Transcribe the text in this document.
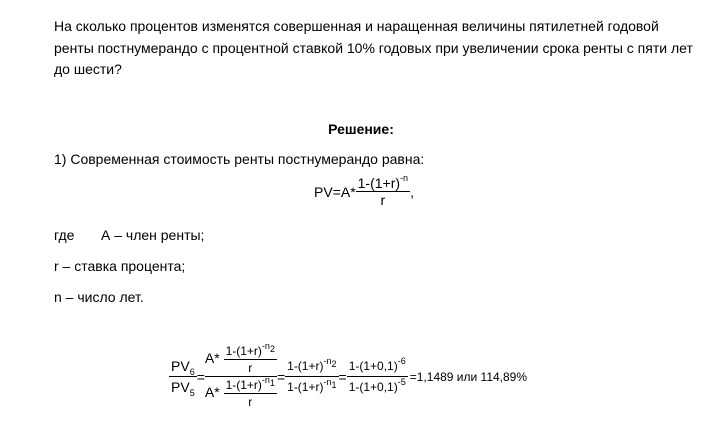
На сколько процентов изменятся совершенная и наращенная величины пятилетней годовой ренты постнумерандо с процентной ставкой 10% годовых при увеличении срока ренты с пяти лет до шести?
Решение:
1) Современная стоимость ренты постнумерандо равна:
$PV=A* \frac{1-(1+r)^{-n}}{r}$ ,
где А – член ренты;
r – ставка процента;
n – число лет.
$\frac{PV_6}{PV_5} = \frac{A* \frac{1-(1+r)^{-n_2}}{r}}{A* \frac{1-(1+r)^{-n_1}}{r}} = \frac{1-(1+r)^{-n_2}}{1-(1+r)^{-n_1}} = \frac{1-(1+0,1)^{-6}}{1-(1+0,1)^{-5}} =1,1489$ или 114,89%
